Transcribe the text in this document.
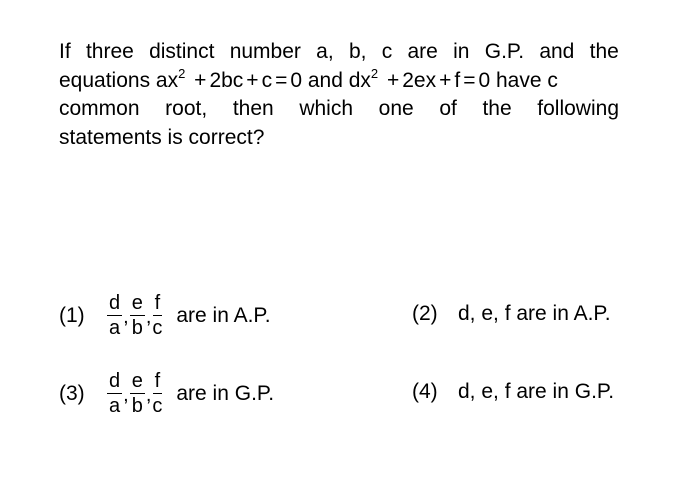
If three distinct number a, b, c are in G.P. and the
equations $ax^2 + 2bc + c = 0$ and $dx^2 + 2ex + f = 0$ have c
common root, then which one of the following
statements is correct?
(1)	$\frac{d}{a}$ , $\frac{e}{b}$ , $\frac{f}{c}$ are in A.P.	(2) d, e, f are in A.P.
(3)	$\frac{d}{a}$ , $\frac{e}{b}$ , $\frac{f}{c}$ are in G.P.	(4) d, e, f are in G.P.
